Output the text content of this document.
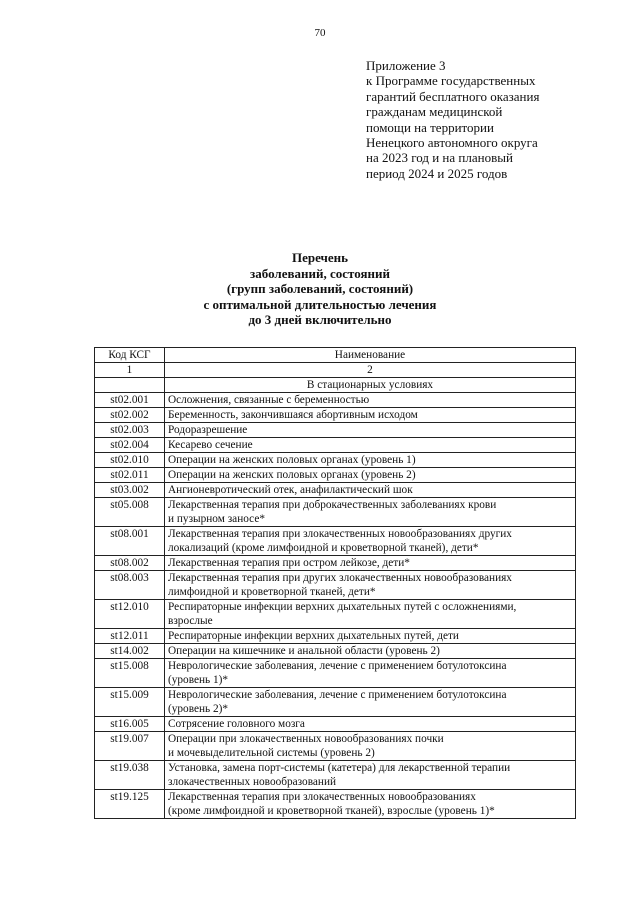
70
Приложение 3
к Программе государственных
гарантий бесплатного оказания
гражданам медицинской
помощи на территории
Ненецкого автономного округа
на 2023 год и на плановый
период 2024 и 2025 годов
Перечень
заболеваний, состояний
(групп заболеваний, состояний)
с оптимальной длительностью лечения
до 3 дней включительно
Код КСГ	Наименование
1	2
	В стационарных условиях
st02.001	Осложнения, связанные с беременностью

st02.002	Беременность, закончившаяся абортивным исходом

st02.003	Родоразрешение

st02.004	Кесарево сечение

st02.010	Операции на женских половых органах (уровень 1)

st02.011	Операции на женских половых органах (уровень 2)

st03.002	Ангионевротический отек, анафилактический шок

st05.008	Лекарственная терапия при доброкачественных заболеваниях крови
и пузырном заносе*

st08.001	Лекарственная терапия при злокачественных новообразованиях других
локализаций (кроме лимфоидной и кроветворной тканей), дети*

st08.002	Лекарственная терапия при остром лейкозе, дети*

st08.003	Лекарственная терапия при других злокачественных новообразованиях
лимфоидной и кроветворной тканей, дети*

st12.010	Респираторные инфекции верхних дыхательных путей с осложнениями,
взрослые

st12.011	Респираторные инфекции верхних дыхательных путей, дети

st14.002	Операции на кишечнике и анальной области (уровень 2)

st15.008	Неврологические заболевания, лечение с применением ботулотоксина
(уровень 1)*

st15.009	Неврологические заболевания, лечение с применением ботулотоксина
(уровень 2)*

st16.005	Сотрясение головного мозга

st19.007	Операции при злокачественных новообразованиях почки
и мочевыделительной системы (уровень 2)

st19.038	Установка, замена порт-системы (катетера) для лекарственной терапии
злокачественных новообразований

st19.125	Лекарственная терапия при злокачественных новообразованиях
(кроме лимфоидной и кроветворной тканей), взрослые (уровень 1)*
